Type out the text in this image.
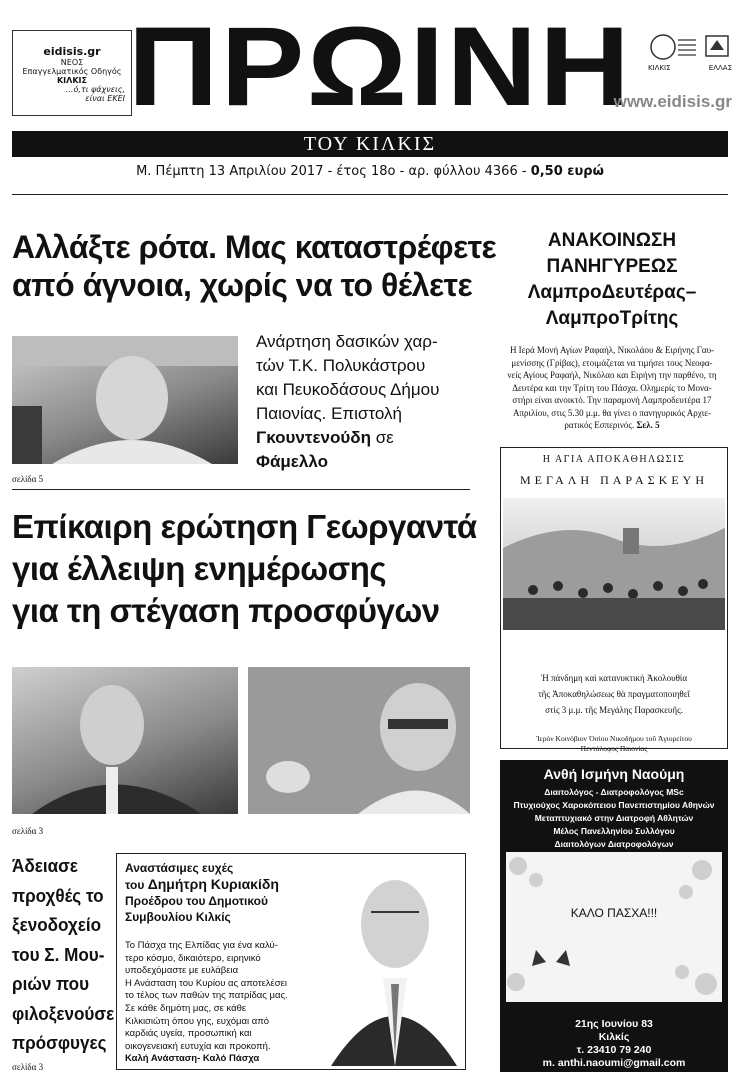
eidisis.gr
ΝΕΟΣ
Επαγγελματικός Οδηγός
ΚΙΛΚΙΣ
...ό,τι ψάχνεις,
είναι ΕΚΕΙ ΠΡΩΙΝΗ	ΚΙΛΚΙΣ	ΕΛΛΑΣ
www.eidisis.gr
ΤΟΥ ΚΙΛΚΙΣ
Μ. Πέμπτη 13 Απριλίου 2017 - έτος 18ο - αρ. φύλλου 4366 - 0,50 ευρώ
Αλλάξτε ρότα. Μας καταστρέφετε
από άγνοια, χωρίς να το θέλετε
Ανάρτηση δασικών χαρ-
τών Τ.Κ. Πολυκάστρου
και Πευκοδάσους Δήμου
Παιονίας. Επιστολή
Γκουντενούδη σε Φάμελλο
σελίδα 5
Επίκαιρη ερώτηση Γεωργαντά
για έλλειψη ενημέρωσης
για τη στέγαση προσφύγων
σελίδα 3
Άδειασε
προχθές το
ξενοδοχείο
του Σ. Μου-
ριών που
φιλοξενούσε
πρόσφυγες
σελίδα 3
Αναστάσιμες ευχές
του Δημήτρη Κυριακίδη
Προέδρου του Δημοτικού
Συμβουλίου Κιλκίς
Το Πάσχα της Ελπίδας για ένα καλύ-
τερο κόσμο, δικαιότερο, ειρηνικό
υποδεχόμαστε με ευλάβεια
Η Ανάσταση του Κυρίου ας αποτελέσει
το τέλος των παθών της πατρίδας μας.
Σε κάθε δημότη μας, σε κάθε
Κιλκισιώτη όπου γης, ευχόμαι από
καρδιάς υγεία, προσωπική και
οικογενειακή ευτυχία και προκοπή.
Καλή Ανάσταση- Καλό Πάσχα
ΑΝΑΚΟΙΝΩΣΗ
ΠΑΝΗΓΥΡΕΩΣ
ΛαμπροΔευτέρας–
ΛαμπροΤρίτης
Η Ιερά Μονή Αγίων Ραφαήλ, Νικολάου & Ειρήνης Γαυ-
μενίσσης (Γρίβας), ετοιμάζεται να τιμήσει τους Νεοφα-
νείς Αγίους Ραφαήλ, Νικόλαο και Ειρήνη την παρθένο, τη
Δευτέρα και την Τρίτη του Πάσχα. Ολημερίς το Μονα-
στήρι είναι ανοικτό. Την παραμονή Λαμπροδευτέρα 17
Απριλίου, στις 5.30 μ.μ. θα γίνει ο πανηγυρικός Αρχιε-
ρατικός Εσπερινός. Σελ. 5
Η ΑΓΙΑ ΑΠΟΚΑΘΗΛΩΣΙΣ
ΜΕΓΑΛΗ ΠΑΡΑΣΚΕΥΗ
Ἡ πάνδημη καὶ κατανυκτικὴ Ἀκολουθία
τῆς Ἀποκαθηλώσεως θὰ πραγματοποιηθεῖ
στὶς 3 μ.μ. τῆς Μεγάλης Παρασκευῆς.
Ἱερὸν Κοινόβιον Ὁσίου Νικοδήμου τοῦ Ἁγιορείτου
Πεντάλοφος Παιονίας
Ανθή Ισμήνη Ναούμη
Διαιτολόγος - Διατροφολόγος MSc
Πτυχιούχος Χαροκόπειου Πανεπιστημίου Αθηνών
Μεταπτυχιακό στην Διατροφή Αθλητών
Μέλος Πανελληνίου Συλλόγου
Διαιτολόγων Διατροφολόγων
ΚΑΛΟ ΠΑΣΧΑ!!!
21ης Ιουνίου 83
Κιλκίς
τ. 23410 79 240
m. anthi.naoumi@gmail.com
